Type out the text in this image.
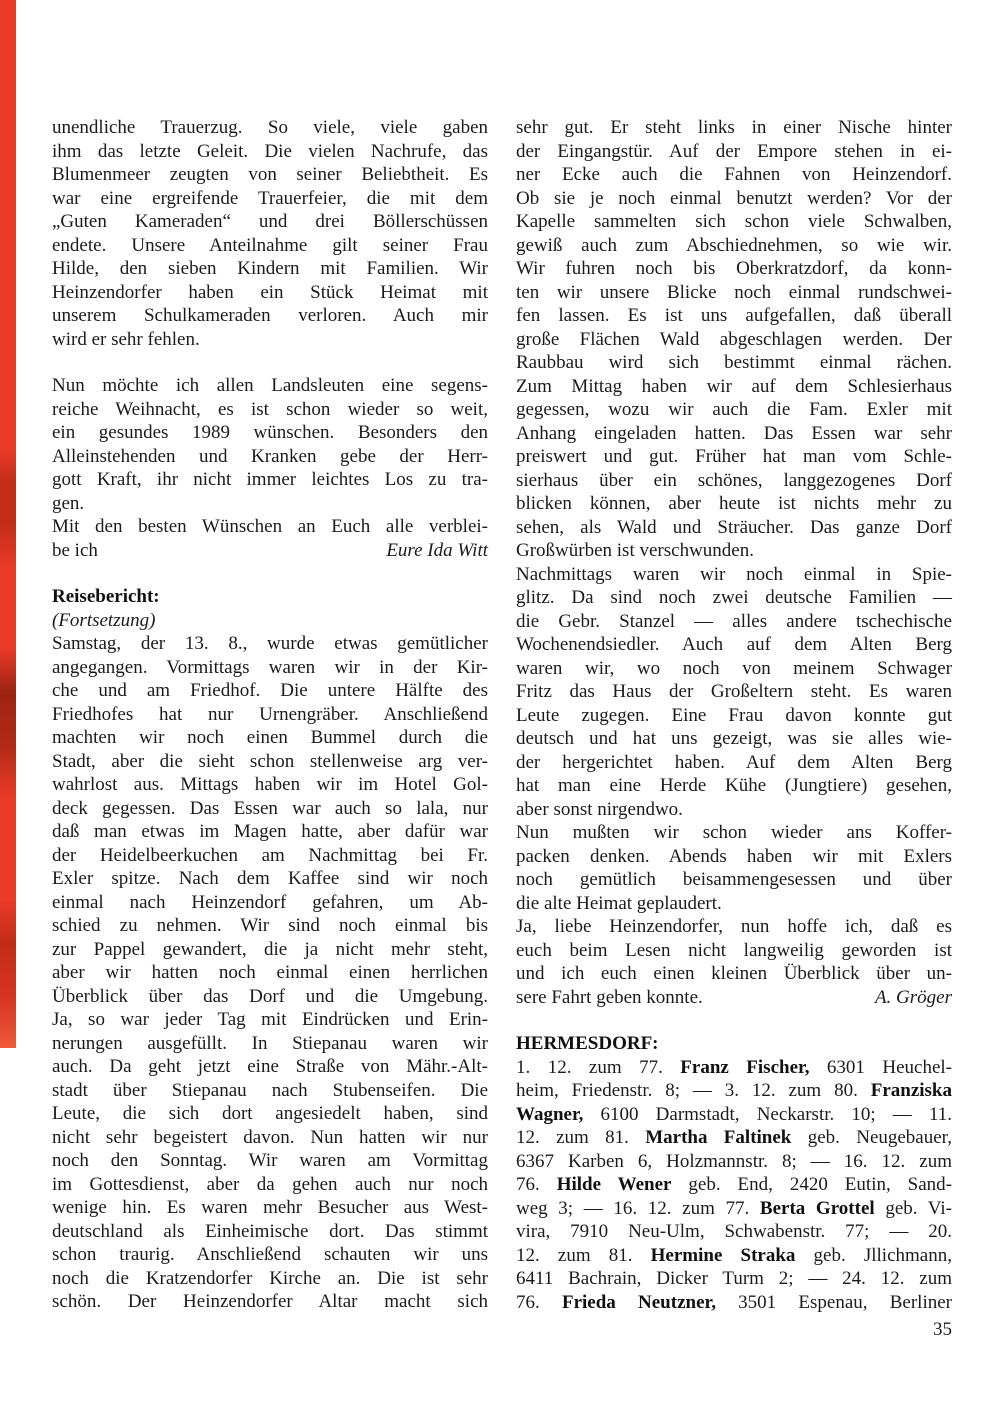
unendliche Trauerzug. So viele, viele gaben
ihm das letzte Geleit. Die vielen Nachrufe, das
Blumenmeer zeugten von seiner Beliebtheit. Es
war eine ergreifende Trauerfeier, die mit dem
„Guten Kameraden“ und drei Böllerschüssen
endete. Unsere Anteilnahme gilt seiner Frau
Hilde, den sieben Kindern mit Familien. Wir
Heinzendorfer haben ein Stück Heimat mit
unserem Schulkameraden verloren. Auch mir
wird er sehr fehlen.
Nun möchte ich allen Landsleuten eine segens-
reiche Weihnacht, es ist schon wieder so weit,
ein gesundes 1989 wünschen. Besonders den
Alleinstehenden und Kranken gebe der Herr-
gott Kraft, ihr nicht immer leichtes Los zu tra-
gen.
Mit den besten Wünschen an Euch alle verblei-
be ich	Eure Ida Witt
Reisebericht:
(Fortsetzung)
Samstag, der 13. 8., wurde etwas gemütlicher
angegangen. Vormittags waren wir in der Kir-
che und am Friedhof. Die untere Hälfte des
Friedhofes hat nur Urnengräber. Anschließend
machten wir noch einen Bummel durch die
Stadt, aber die sieht schon stellenweise arg ver-
wahrlost aus. Mittags haben wir im Hotel Gol-
deck gegessen. Das Essen war auch so lala, nur
daß man etwas im Magen hatte, aber dafür war
der Heidelbeerkuchen am Nachmittag bei Fr.
Exler spitze. Nach dem Kaffee sind wir noch
einmal nach Heinzendorf gefahren, um Ab-
schied zu nehmen. Wir sind noch einmal bis
zur Pappel gewandert, die ja nicht mehr steht,
aber wir hatten noch einmal einen herrlichen
Überblick über das Dorf und die Umgebung.
Ja, so war jeder Tag mit Eindrücken und Erin-
nerungen ausgefüllt. In Stiepanau waren wir
auch. Da geht jetzt eine Straße von Mähr.-Alt-
stadt über Stiepanau nach Stubenseifen. Die
Leute, die sich dort angesiedelt haben, sind
nicht sehr begeistert davon. Nun hatten wir nur
noch den Sonntag. Wir waren am Vormittag
im Gottesdienst, aber da gehen auch nur noch
wenige hin. Es waren mehr Besucher aus West-
deutschland als Einheimische dort. Das stimmt
schon traurig. Anschließend schauten wir uns
noch die Kratzendorfer Kirche an. Die ist sehr
schön. Der Heinzendorfer Altar macht sich
sehr gut. Er steht links in einer Nische hinter
der Eingangstür. Auf der Empore stehen in ei-
ner Ecke auch die Fahnen von Heinzendorf.
Ob sie je noch einmal benutzt werden? Vor der
Kapelle sammelten sich schon viele Schwalben,
gewiß auch zum Abschiednehmen, so wie wir.
Wir fuhren noch bis Oberkratzdorf, da konn-
ten wir unsere Blicke noch einmal rundschwei-
fen lassen. Es ist uns aufgefallen, daß überall
große Flächen Wald abgeschlagen werden. Der
Raubbau wird sich bestimmt einmal rächen.
Zum Mittag haben wir auf dem Schlesierhaus
gegessen, wozu wir auch die Fam. Exler mit
Anhang eingeladen hatten. Das Essen war sehr
preiswert und gut. Früher hat man vom Schle-
sierhaus über ein schönes, langgezogenes Dorf
blicken können, aber heute ist nichts mehr zu
sehen, als Wald und Sträucher. Das ganze Dorf
Großwürben ist verschwunden.
Nachmittags waren wir noch einmal in Spie-
glitz. Da sind noch zwei deutsche Familien —
die Gebr. Stanzel — alles andere tschechische
Wochenendsiedler. Auch auf dem Alten Berg
waren wir, wo noch von meinem Schwager
Fritz das Haus der Großeltern steht. Es waren
Leute zugegen. Eine Frau davon konnte gut
deutsch und hat uns gezeigt, was sie alles wie-
der hergerichtet haben. Auf dem Alten Berg
hat man eine Herde Kühe (Jungtiere) gesehen,
aber sonst nirgendwo.
Nun mußten wir schon wieder ans Koffer-
packen denken. Abends haben wir mit Exlers
noch gemütlich beisammengesessen und über
die alte Heimat geplaudert.
Ja, liebe Heinzendorfer, nun hoffe ich, daß es
euch beim Lesen nicht langweilig geworden ist
und ich euch einen kleinen Überblick über un-
sere Fahrt geben konnte.	A. Gröger
HERMESDORF:
1. 12. zum 77. Franz Fischer, 6301 Heuchel-
heim, Friedenstr. 8; — 3. 12. zum 80. Franziska
Wagner, 6100 Darmstadt, Neckarstr. 10; — 11.
12. zum 81. Martha Faltinek geb. Neugebauer,
6367 Karben 6, Holzmannstr. 8; — 16. 12. zum
76. Hilde Wener geb. End, 2420 Eutin, Sand-
weg 3; — 16. 12. zum 77. Berta Grottel geb. Vi-
vira, 7910 Neu-Ulm, Schwabenstr. 77; — 20.
12. zum 81. Hermine Straka geb. Jllichmann,
6411 Bachrain, Dicker Turm 2; — 24. 12. zum
76. Frieda Neutzner, 3501 Espenau, Berliner
35
